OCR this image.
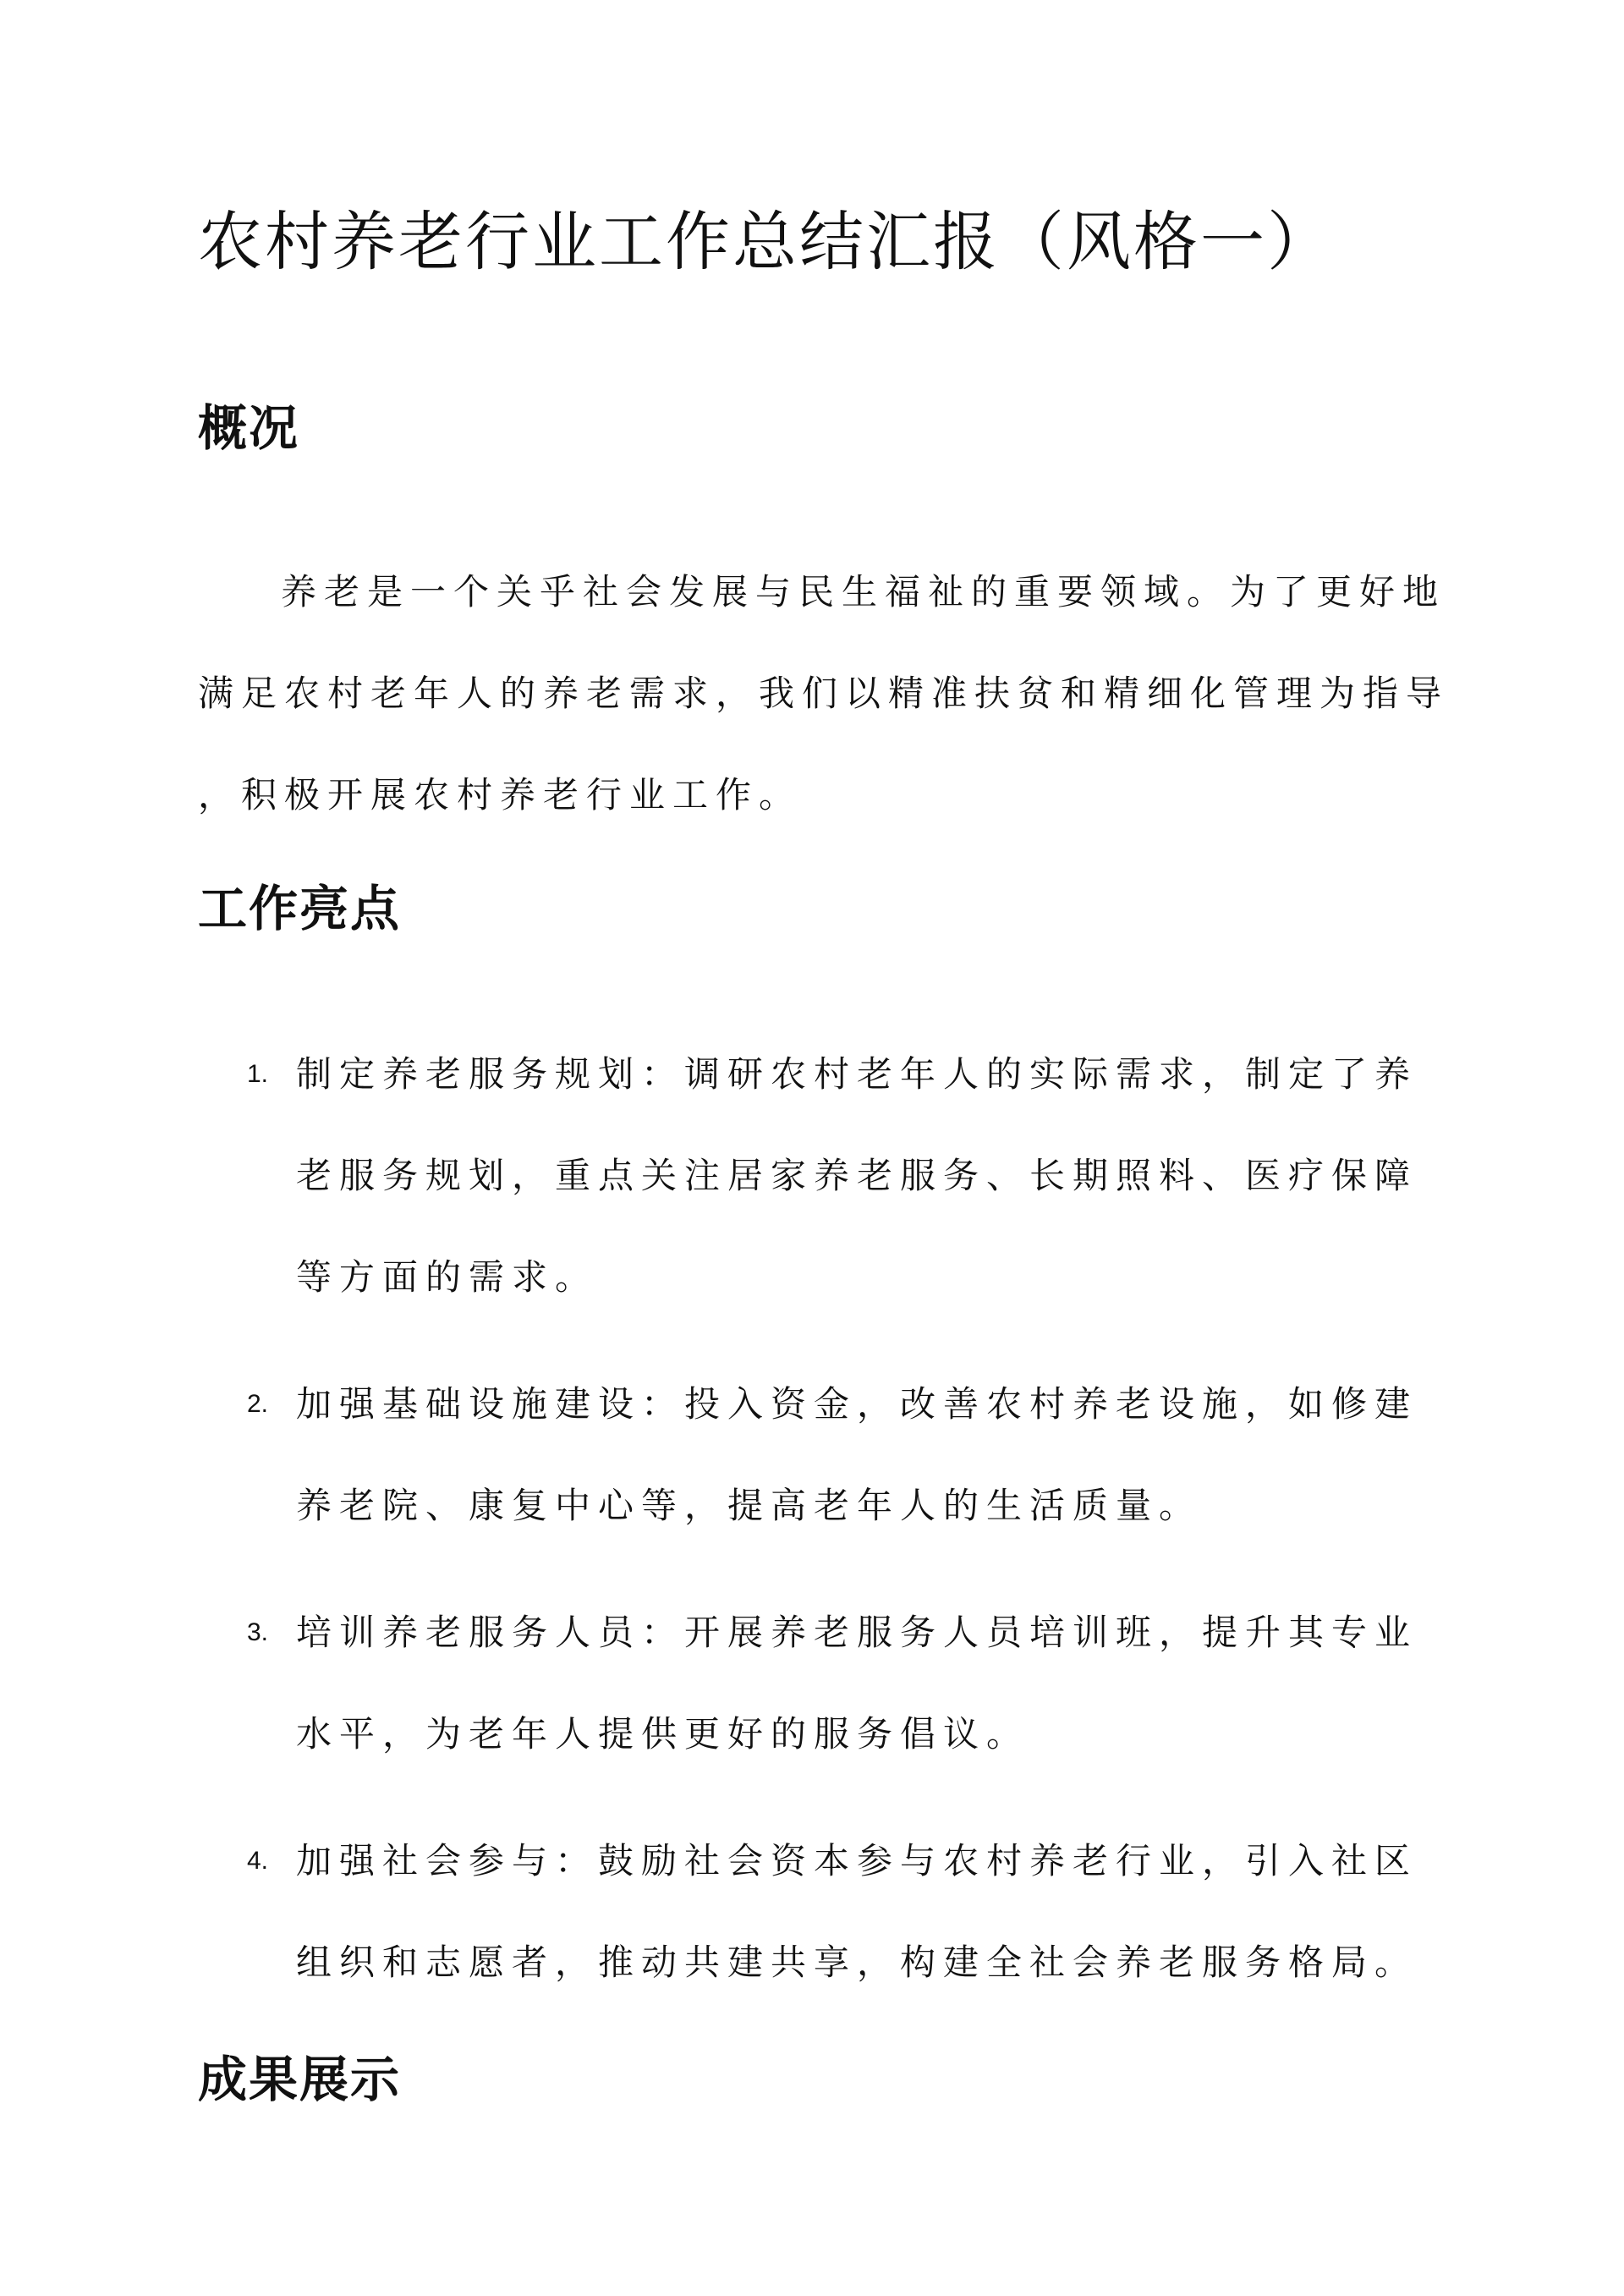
农村养老行业工作总结汇报（风格一）
概况

养老是一个关乎社会发展与民生福祉的重要领域。为了更好地
满足农村老年人的养老需求，我们以精准扶贫和精细化管理为指导
，积极开展农村养老行业工作。

工作亮点
1. 制定养老服务规划：调研农村老年人的实际需求，制定了养
老服务规划，重点关注居家养老服务、长期照料、医疗保障
等方面的需求。
2. 加强基础设施建设：投入资金，改善农村养老设施，如修建
养老院、康复中心等，提高老年人的生活质量。
3. 培训养老服务人员：开展养老服务人员培训班，提升其专业
水平，为老年人提供更好的服务倡议。
4. 加强社会参与：鼓励社会资本参与农村养老行业，引入社区
组织和志愿者，推动共建共享，构建全社会养老服务格局。
成果展示
